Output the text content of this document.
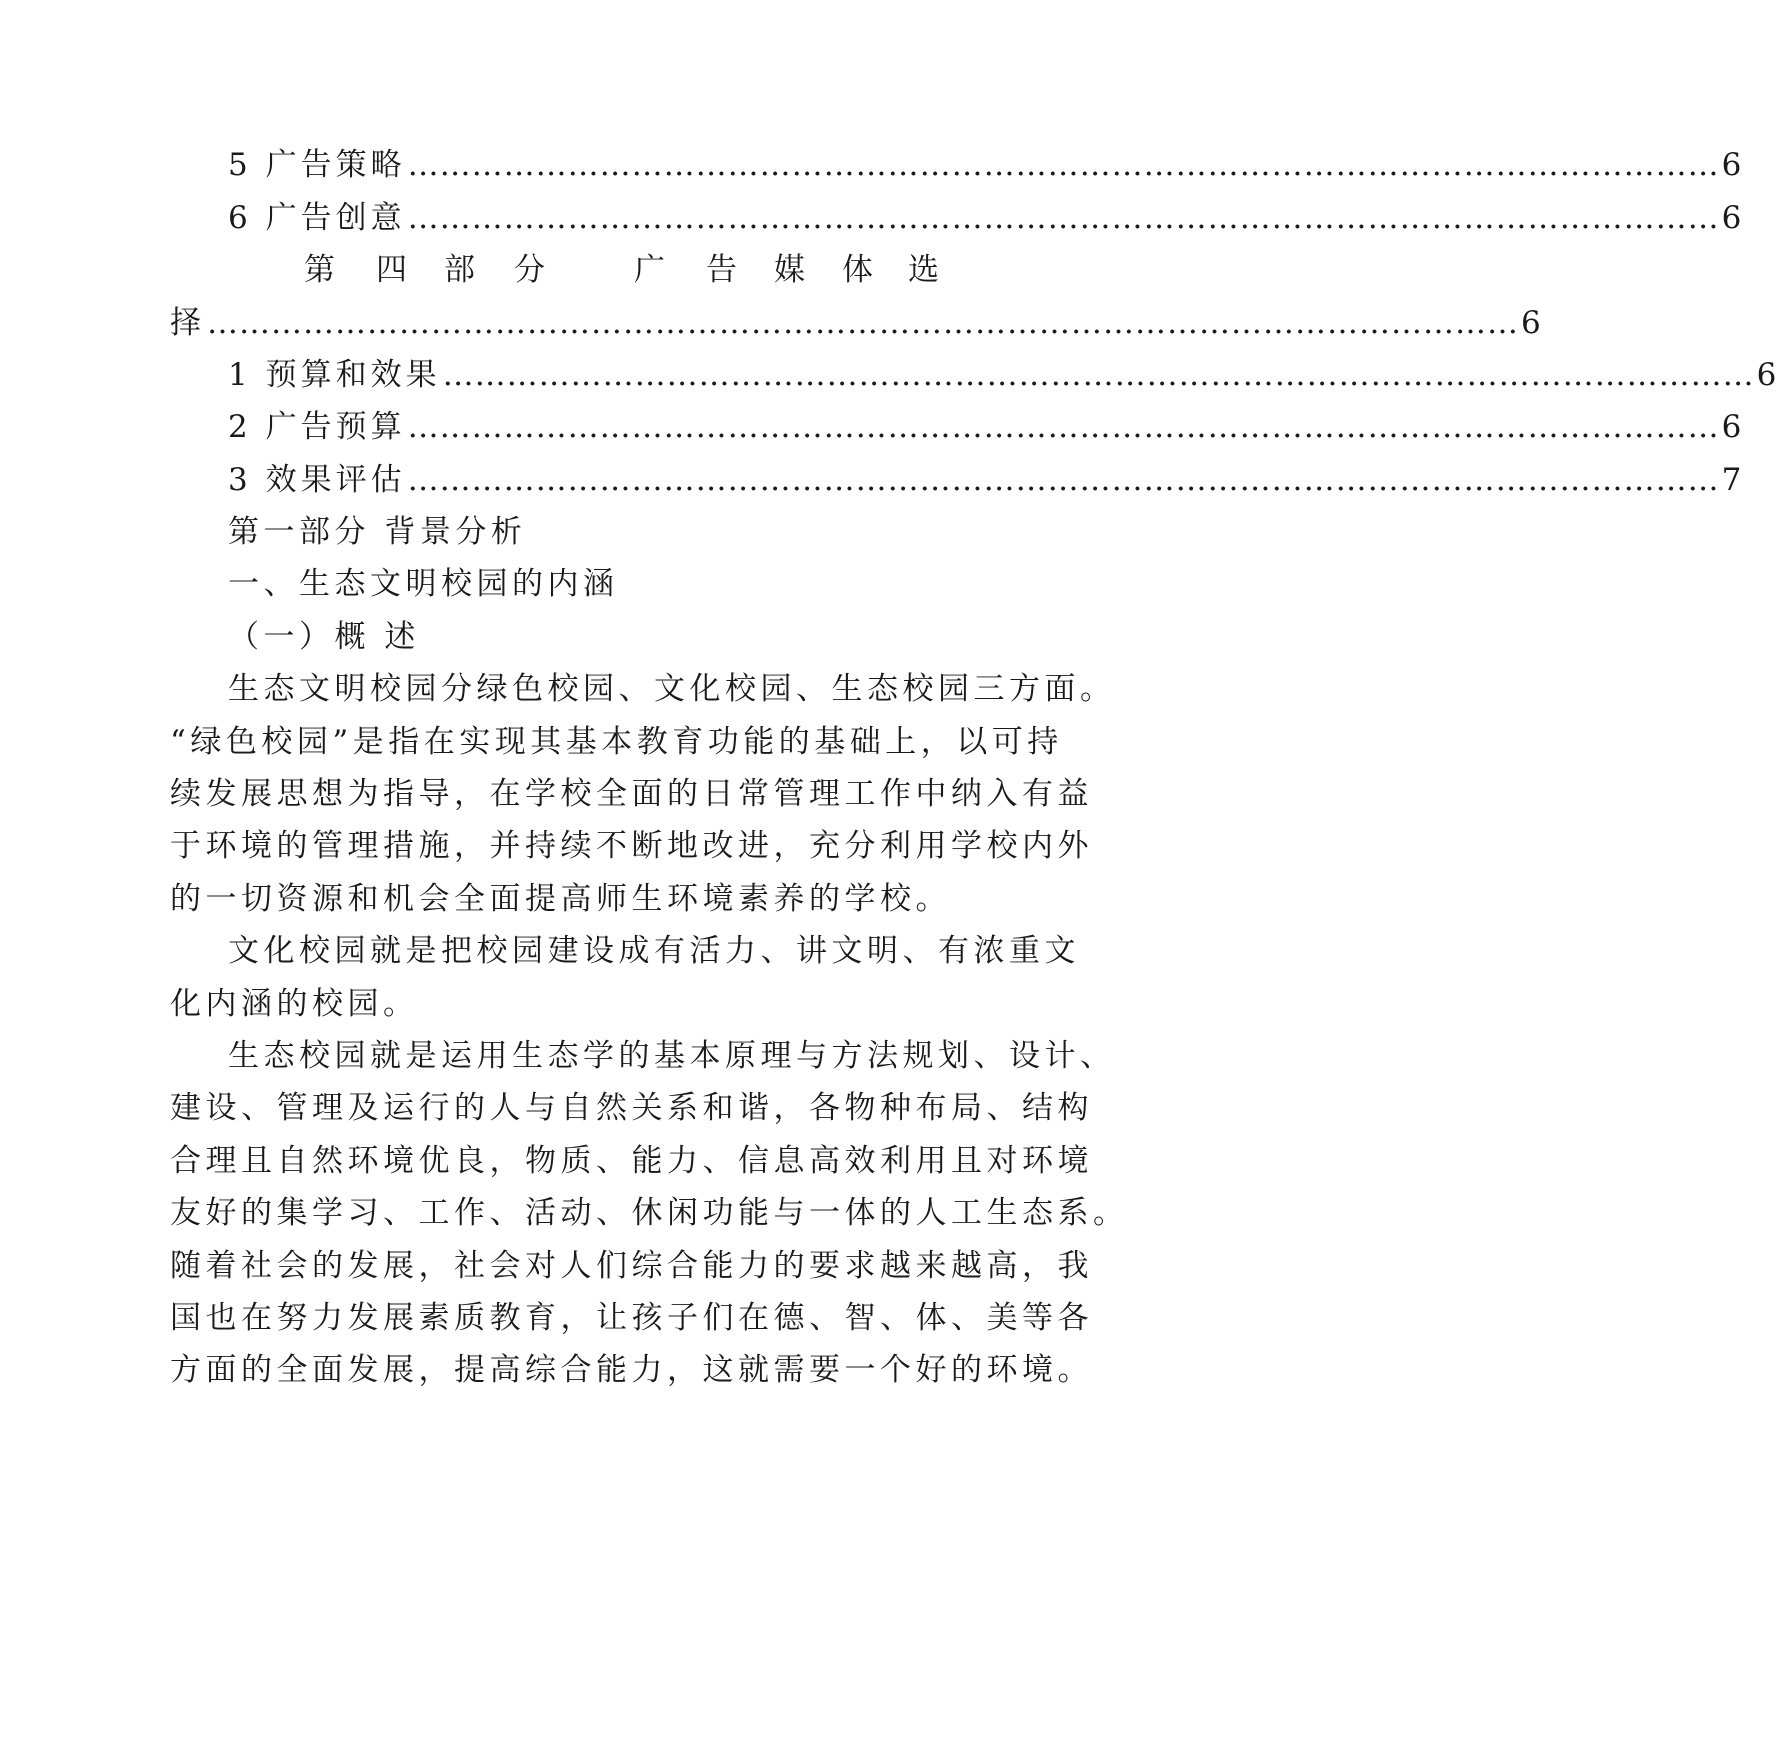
5 广告策略 …………………………………………………………………………………………………………… 6
6 广告创意 …………………………………………………………………………………………………………… 6
第 四 部 分	广 告 媒 体 选
择 …………………………………………………………………………………………………………… 6
1 预算和效果 …………………………………………………………………………………………………………… 6
2 广告预算 …………………………………………………………………………………………………………… 6
3 效果评估 …………………………………………………………………………………………………………… 7
第一部分 背景分析
一、生态文明校园的内涵
（一）概 述
生态文明校园分绿色校园、文化校园、生态校园三方面。
“绿色校园”是指在实现其基本教育功能的基础上，以可持
续发展思想为指导，在学校全面的日常管理工作中纳入有益
于环境的管理措施，并持续不断地改进，充分利用学校内外
的一切资源和机会全面提高师生环境素养的学校。
文化校园就是把校园建设成有活力、讲文明、有浓重文
化内涵的校园。
生态校园就是运用生态学的基本原理与方法规划、设计、
建设、管理及运行的人与自然关系和谐，各物种布局、结构
合理且自然环境优良，物质、能力、信息高效利用且对环境
友好的集学习、工作、活动、休闲功能与一体的人工生态系。
随着社会的发展，社会对人们综合能力的要求越来越高，我
国也在努力发展素质教育，让孩子们在德、智、体、美等各
方面的全面发展，提高综合能力，这就需要一个好的环境。
